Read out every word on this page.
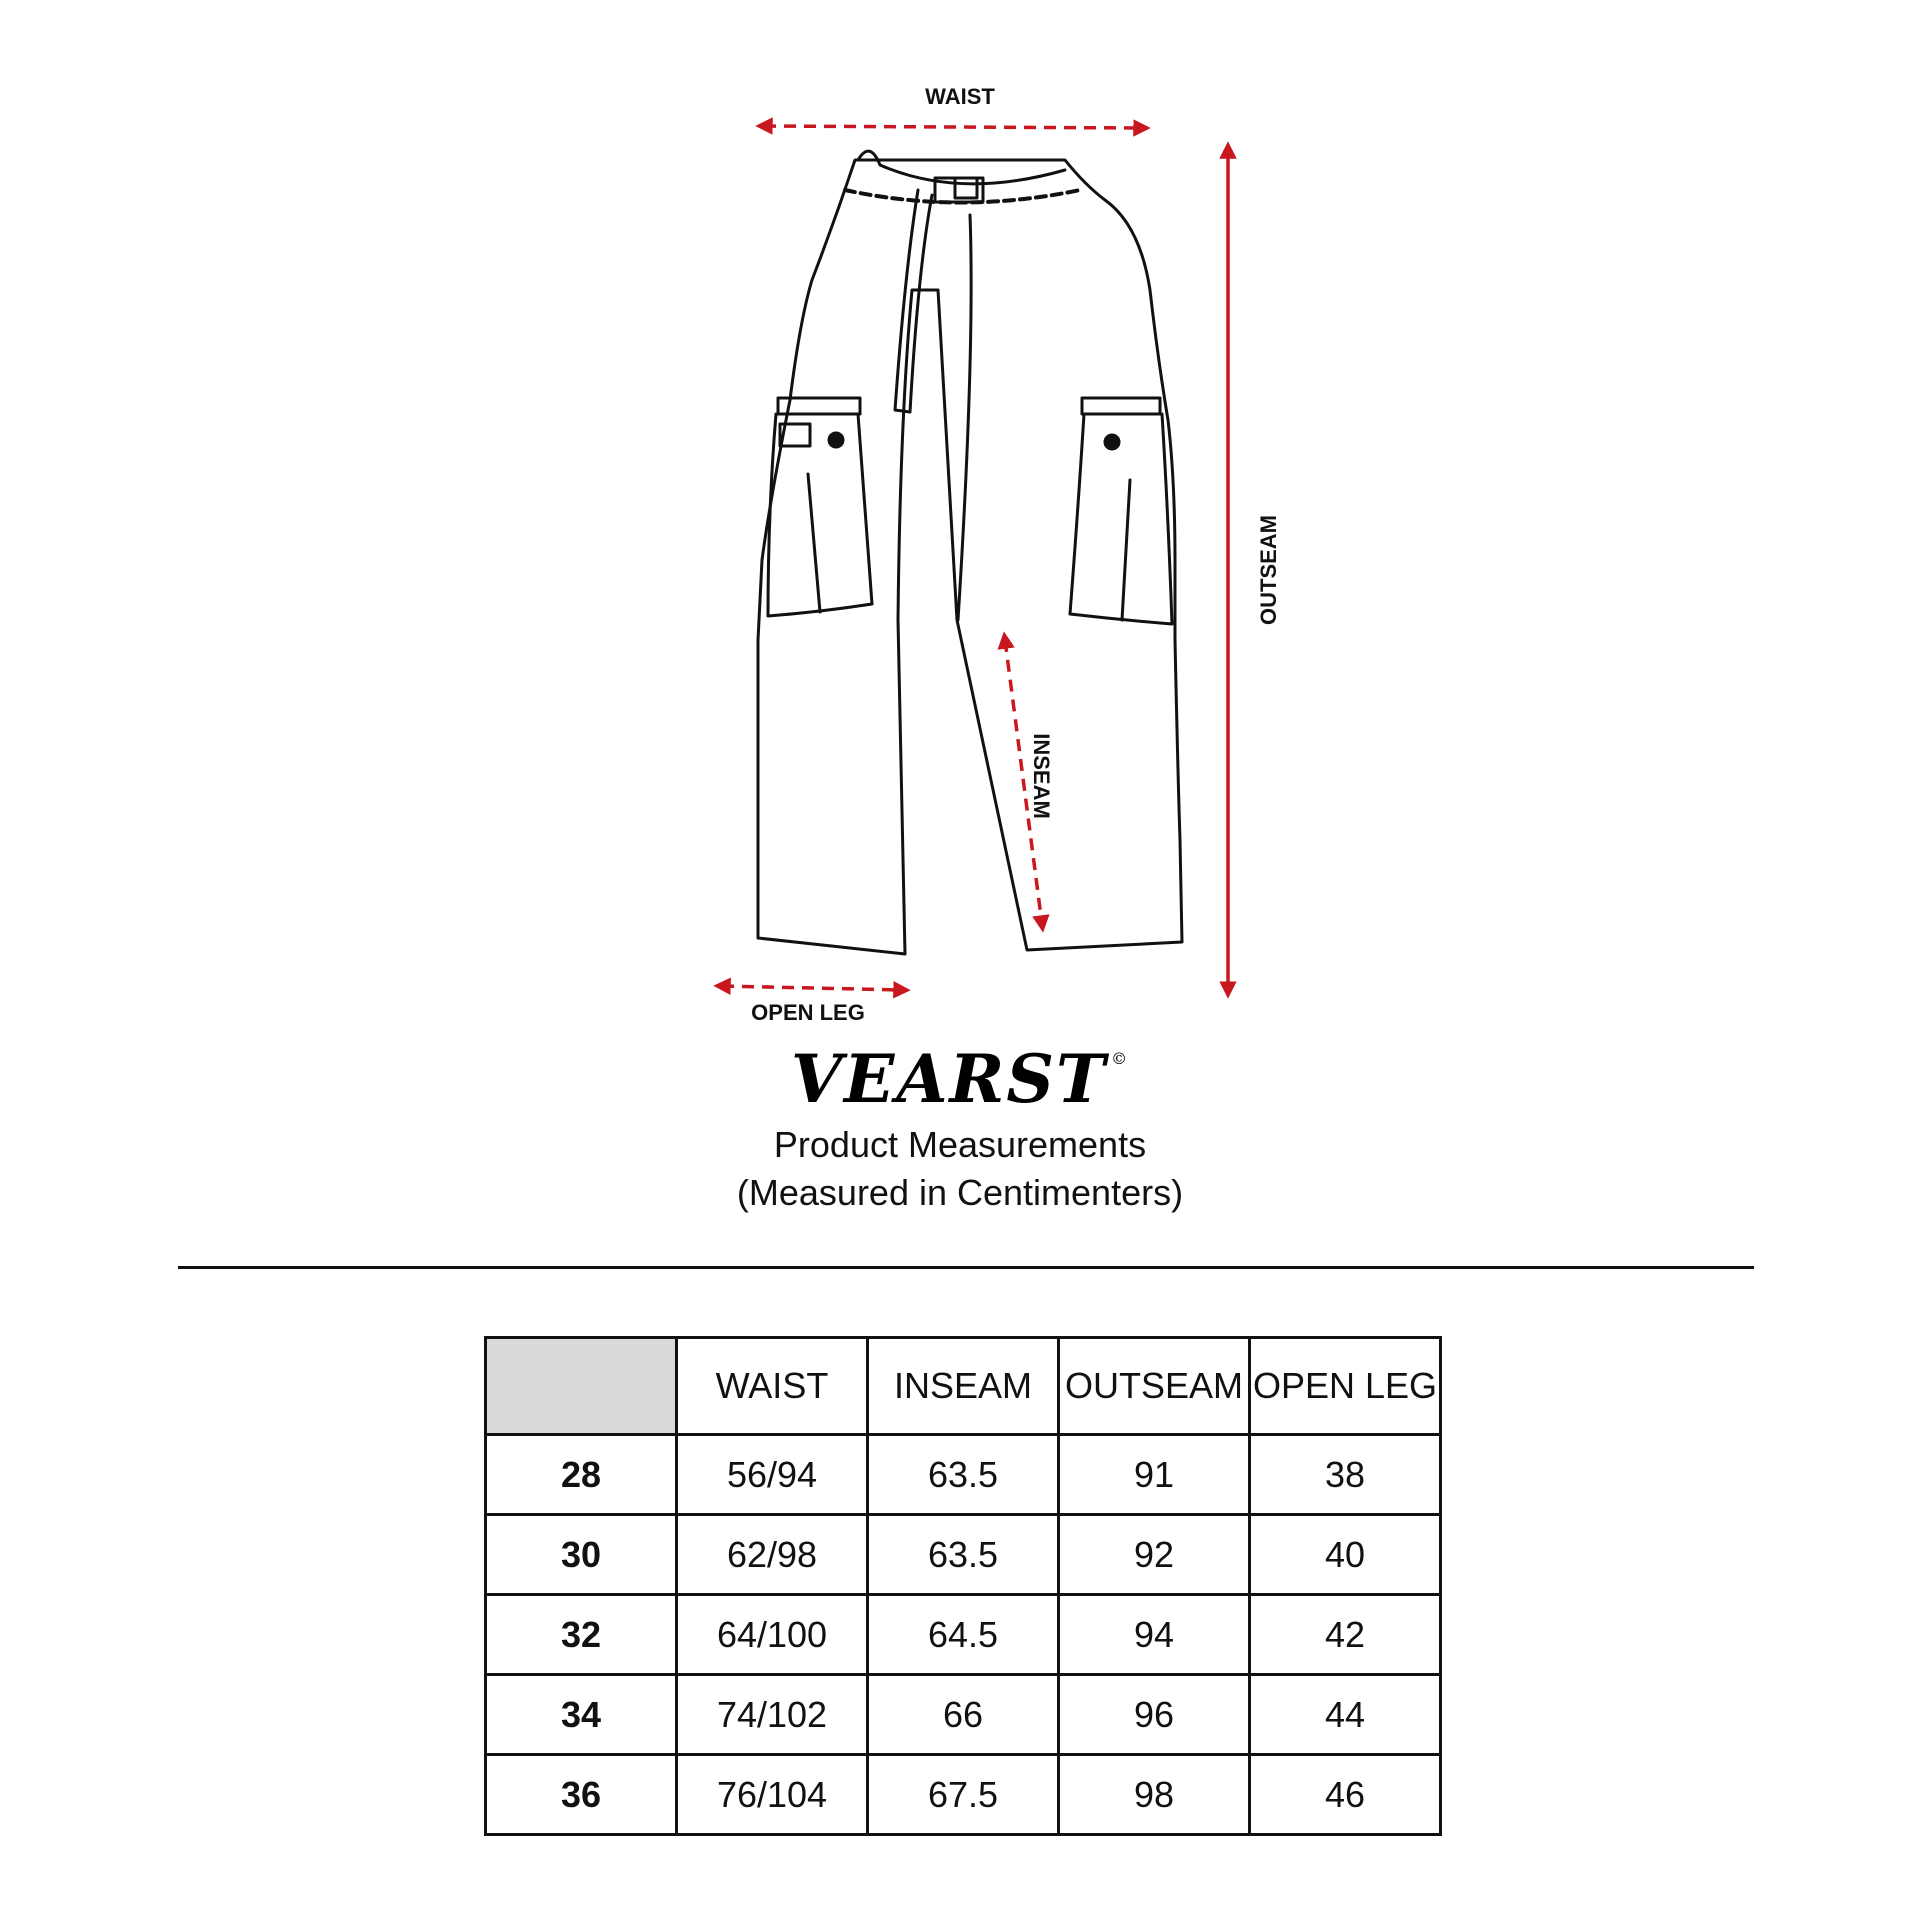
WAIST
OUTSEAM
INSEAM
OPEN LEG
VEARST ©
Product Measurements
(Measured in Centimenters)
	WAIST	INSEAM	OUTSEAM	OPEN LEG
28	56/94	63.5	91	38
30	62/98	63.5	92	40
32	64/100	64.5	94	42
34	74/102	66	96	44
36	76/104	67.5	98	46
